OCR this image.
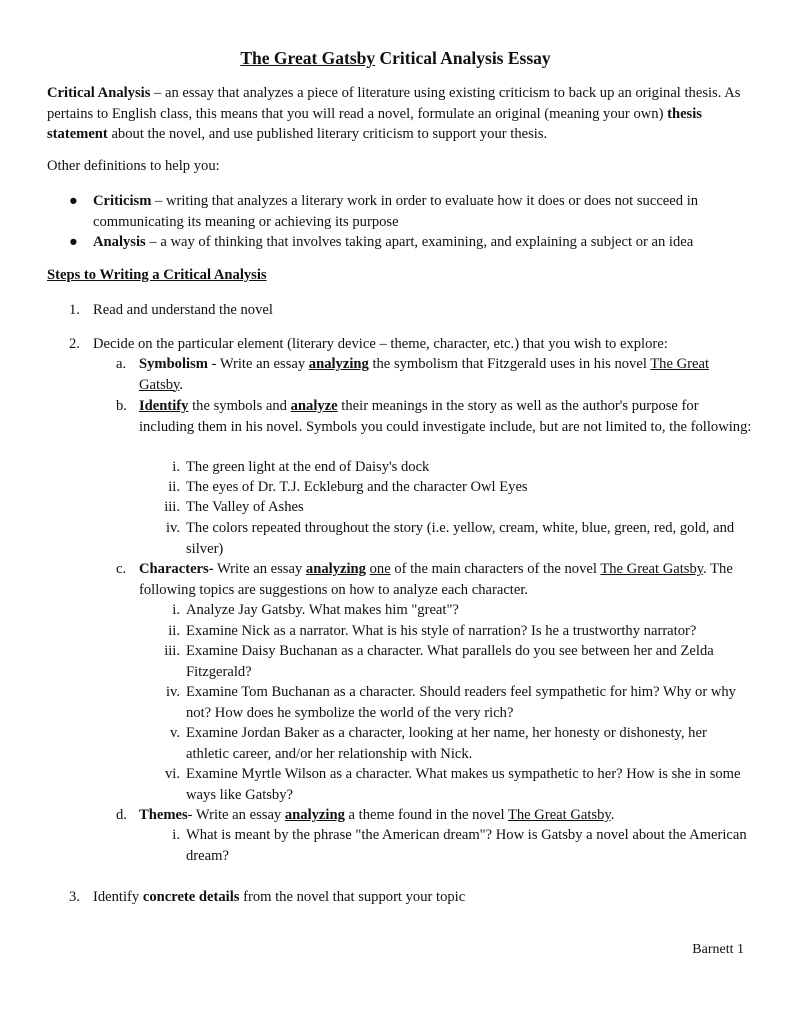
The Great Gatsby Critical Analysis Essay
Critical Analysis – an essay that analyzes a piece of literature using existing criticism to back up an original thesis. As pertains to English class, this means that you will read a novel, formulate an original (meaning your own) thesis statement about the novel, and use published literary criticism to support your thesis.
Other definitions to help you:
● Criticism – writing that analyzes a literary work in order to evaluate how it does or does not succeed in communicating its meaning or achieving its purpose
● Analysis – a way of thinking that involves taking apart, examining, and explaining a subject or an idea
Steps to Writing a Critical Analysis
1. Read and understand the novel
2. Decide on the particular element (literary device – theme, character, etc.) that you wish to explore:
a. Symbolism - Write an essay analyzing the symbolism that Fitzgerald uses in his novel The Great Gatsby.
b. Identify the symbols and analyze their meanings in the story as well as the author's purpose for including them in his novel. Symbols you could investigate include, but are not limited to, the following:
i. The green light at the end of Daisy's dock
ii. The eyes of Dr. T.J. Eckleburg and the character Owl Eyes
iii. The Valley of Ashes
iv. The colors repeated throughout the story (i.e. yellow, cream, white, blue, green, red, gold, and silver)
c. Characters- Write an essay analyzing one of the main characters of the novel The Great Gatsby. The following topics are suggestions on how to analyze each character.
i. Analyze Jay Gatsby. What makes him "great"?
ii. Examine Nick as a narrator. What is his style of narration? Is he a trustworthy narrator?
iii. Examine Daisy Buchanan as a character. What parallels do you see between her and Zelda Fitzgerald?
iv. Examine Tom Buchanan as a character. Should readers feel sympathetic for him? Why or why not? How does he symbolize the world of the very rich?
v. Examine Jordan Baker as a character, looking at her name, her honesty or dishonesty, her athletic career, and/or her relationship with Nick.
vi. Examine Myrtle Wilson as a character. What makes us sympathetic to her? How is she in some ways like Gatsby?
d. Themes- Write an essay analyzing a theme found in the novel The Great Gatsby.
i. What is meant by the phrase "the American dream"? How is Gatsby a novel about the American dream?
3. Identify concrete details from the novel that support your topic
Barnett 1
